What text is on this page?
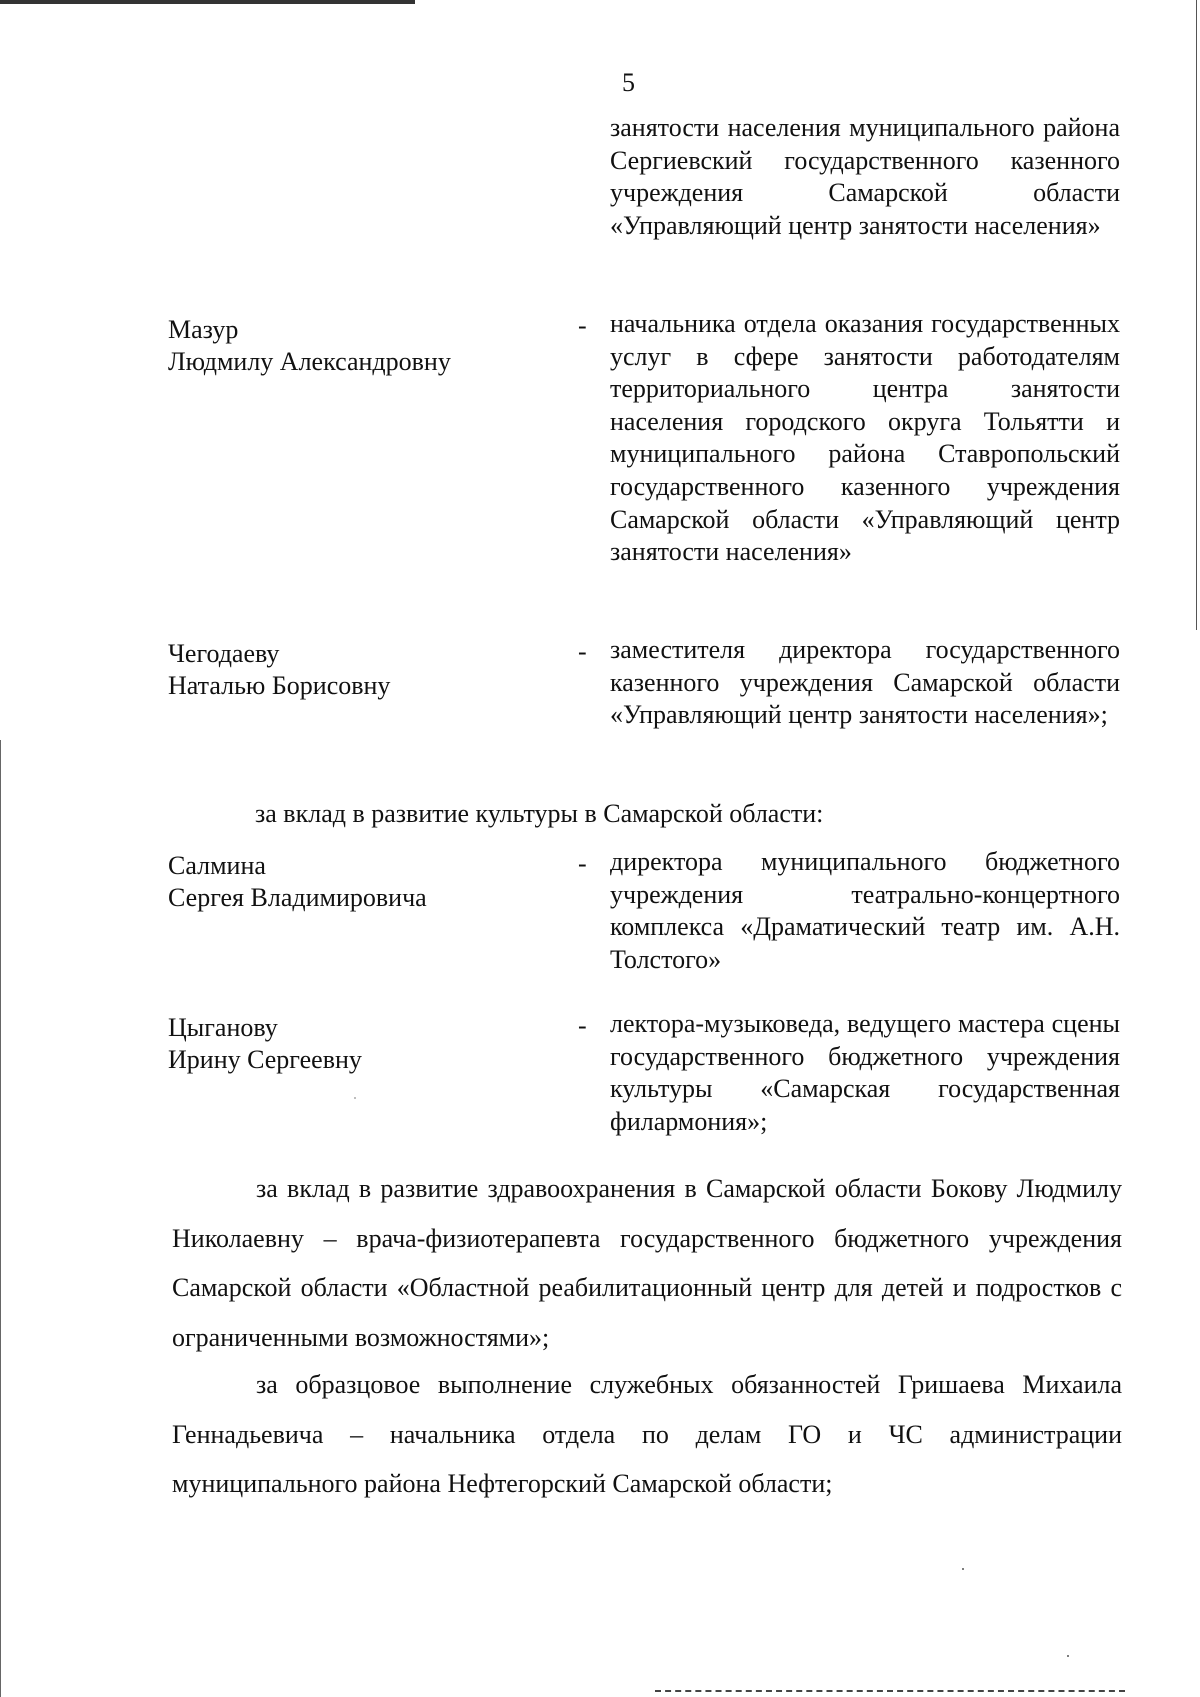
5
занятости населения муниципального района Сергиевский государственного казенного учреждения Самарской области «Управляющий центр занятости населения»
Мазур
Людмилу Александровну
- начальника отдела оказания государственных услуг в сфере занятости работодателям территориального центра занятости населения городского округа Тольятти и муниципального района Ставропольский государственного казенного учреждения Самарской области «Управляющий центр занятости населения»
Чегодаеву
Наталью Борисовну
- заместителя директора государственного казенного учреждения Самарской области «Управляющий центр занятости населения»;
за вклад в развитие культуры в Самарской области:
Салмина
Сергея Владимировича
- директора муниципального бюджетного учреждения театрально-концертного комплекса «Драматический театр им. А.Н. Толстого»
Цыганову
Ирину Сергеевну
- лектора-музыковеда, ведущего мастера сцены государственного бюджетного учреждения культуры «Самарская государственная филармония»;
за вклад в развитие здравоохранения в Самарской области Бокову Людмилу Николаевну – врача-физиотерапевта государственного бюджетного учреждения Самарской области «Областной реабилитационный центр для детей и подростков с ограниченными возможностями»;
за образцовое выполнение служебных обязанностей Гришаева Михаила Геннадьевича – начальника отдела по делам ГО и ЧС администрации муниципального района Нефтегорский Самарской области;
